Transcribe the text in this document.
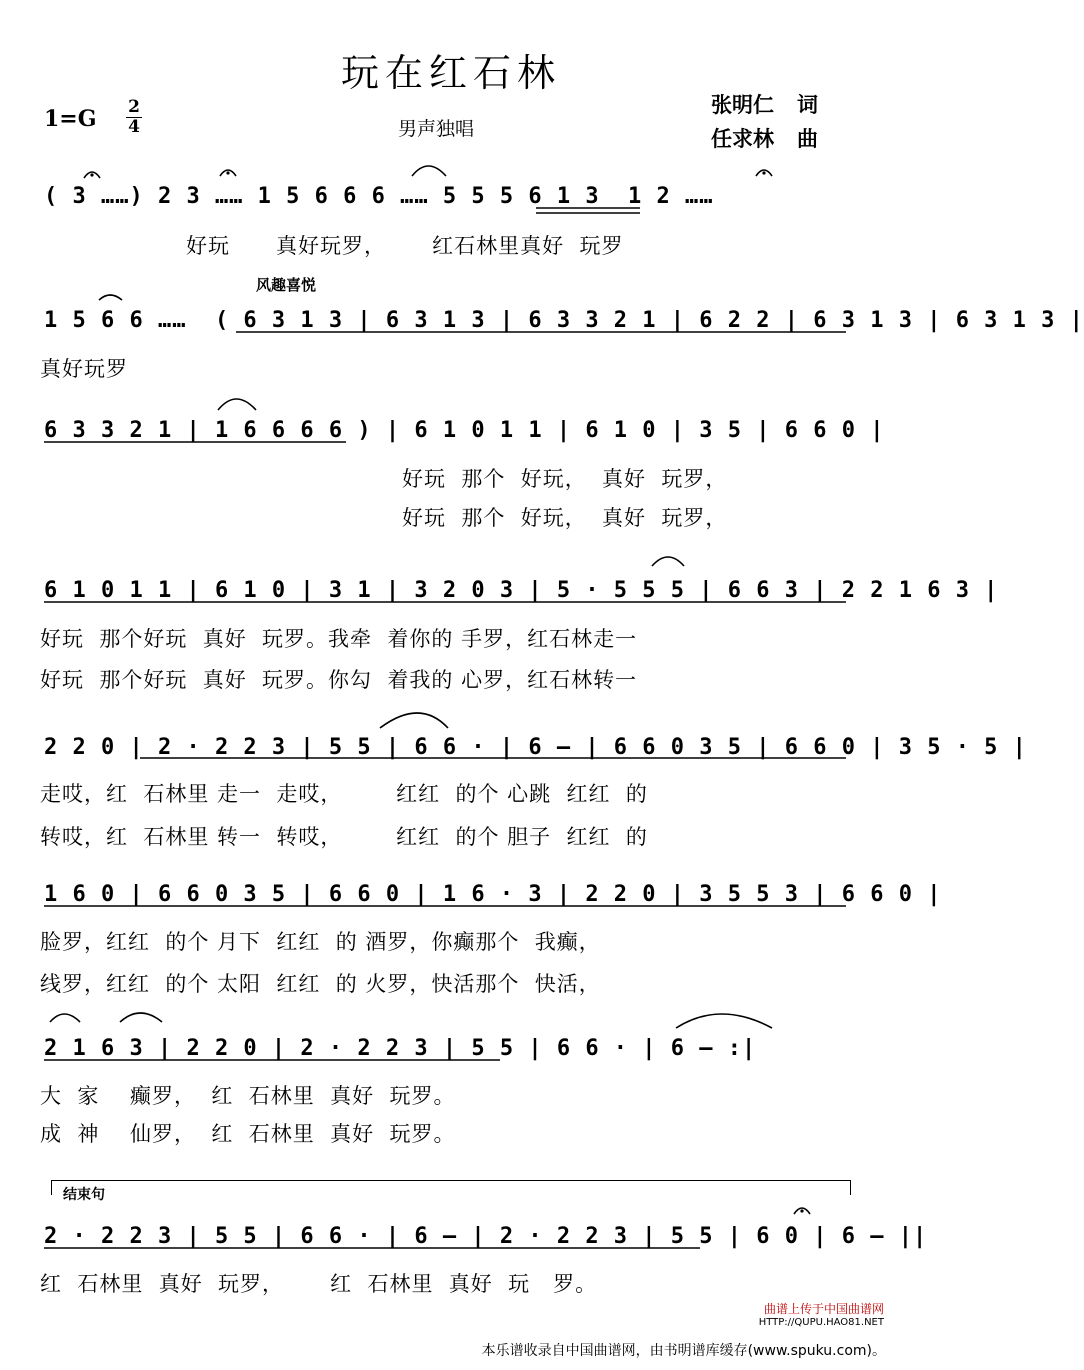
玩在红石林
1=G 2
4	男声独唱
张明仁 词
任求林 曲
风趣喜悦
( 3 ……) 2 3 …… 1 5 6 6 6 …… 5 5 5 6 1 3  1 2 ……
好玩      真好玩罗，      红石林里真好  玩罗
1 5 6 6 ……  ( 6 3 1 3 | 6 3 1 3 | 6 3 3 2 1 | 6 2 2 | 6 3 1 3 | 6 3 1 3 |
真好玩罗
6 3 3 2 1 | 1 6 6 6 6 ) | 6 1 0 1 1 | 6 1 0 | 3 5 | 6 6 0 |
好玩  那个  好玩，  真好  玩罗，
好玩  那个  好玩，  真好  玩罗，
6 1 0 1 1 | 6 1 0 | 3 1 | 3 2 0 3 | 5 · 5 5 5 | 6 6 3 | 2 2 1 6 3 |
好玩  那个好玩  真好  玩罗。我牵  着你的 手罗，红石林走一
好玩  那个好玩  真好  玩罗。你勾  着我的 心罗，红石林转一
2 2 0 | 2 · 2 2 3 | 5 5 | 6 6 · | 6 – | 6 6 0 3 5 | 6 6 0 | 3 5 · 5 |
走哎，红  石林里 走一  走哎，       红红  的个 心跳  红红  的
转哎，红  石林里 转一  转哎，       红红  的个 胆子  红红  的
1 6 0 | 6 6 0 3 5 | 6 6 0 | 1 6 · 3 | 2 2 0 | 3 5 5 3 | 6 6 0 |
脸罗，红红  的个 月下  红红  的 酒罗，你癫那个  我癫，
线罗，红红  的个 太阳  红红  的 火罗，快活那个  快活，
2 1 6 3 | 2 2 0 | 2 · 2 2 3 | 5 5 | 6 6 · | 6 – :|
大  家    癫罗，  红  石林里  真好  玩罗。
成  神    仙罗，  红  石林里  真好  玩罗。
结束句
2 · 2 2 3 | 5 5 | 6 6 · | 6 – | 2 · 2 2 3 | 5 5 | 6 0 | 6 – ||
红  石林里  真好  玩罗，      红  石林里  真好  玩   罗。
曲谱上传于中国曲谱网
HTTP://QUPU.HAO81.NET
本乐谱收录自中国曲谱网，由书明谱库缓存(www.spuku.com)。
